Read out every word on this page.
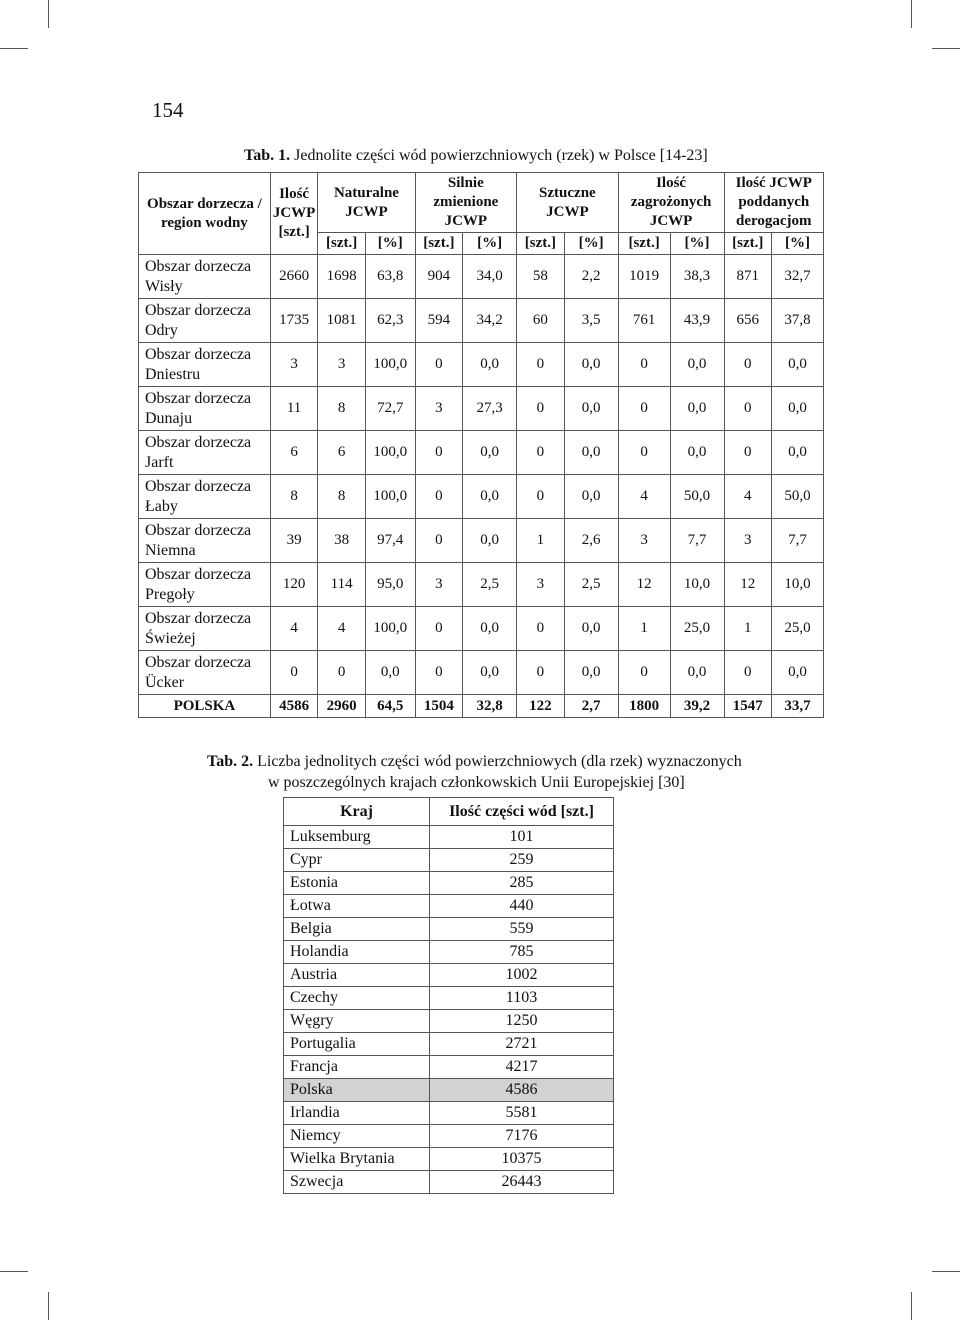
154
Tab. 1. Jednolite części wód powierzchniowych (rzek) w Polsce [14-23]
Obszar dorzecza / region wodny	Ilość JCWP [szt.]	Naturalne JCWP		Silnie zmienione JCWP		Sztuczne JCWP		Ilość zagrożonych JCWP		Ilość JCWP poddanych derogacjom	
		[szt.]	[%]	[szt.]	[%]	[szt.]	[%]	[szt.]	[%]	[szt.]	[%]
Obszar dorzecza Wisły	2660	1698	63,8	904	34,0	58	2,2	1019	38,3	871	32,7
Obszar dorzecza Odry	1735	1081	62,3	594	34,2	60	3,5	761	43,9	656	37,8
Obszar dorzecza Dniestru	3	3	100,0	0	0,0	0	0,0	0	0,0	0	0,0
Obszar dorzecza Dunaju	11	8	72,7	3	27,3	0	0,0	0	0,0	0	0,0
Obszar dorzecza Jarft	6	6	100,0	0	0,0	0	0,0	0	0,0	0	0,0
Obszar dorzecza Łaby	8	8	100,0	0	0,0	0	0,0	4	50,0	4	50,0
Obszar dorzecza Niemna	39	38	97,4	0	0,0	1	2,6	3	7,7	3	7,7
Obszar dorzecza Pregoły	120	114	95,0	3	2,5	3	2,5	12	10,0	12	10,0
Obszar dorzecza Świeżej	4	4	100,0	0	0,0	0	0,0	1	25,0	1	25,0
Obszar dorzecza Ücker	0	0	0,0	0	0,0	0	0,0	0	0,0	0	0,0
POLSKA	4586	2960	64,5	1504	32,8	122	2,7	1800	39,2	1547	33,7
Tab. 2. Liczba jednolitych części wód powierzchniowych (dla rzek) wyznaczonych
w poszczególnych krajach członkowskich Unii Europejskiej [30]
Kraj	Ilość części wód [szt.]
Luksemburg	101
Cypr	259
Estonia	285
Łotwa	440
Belgia	559
Holandia	785
Austria	1002
Czechy	1103
Węgry	1250
Portugalia	2721
Francja	4217
Polska	4586
Irlandia	5581
Niemcy	7176
Wielka Brytania	10375
Szwecja	26443
